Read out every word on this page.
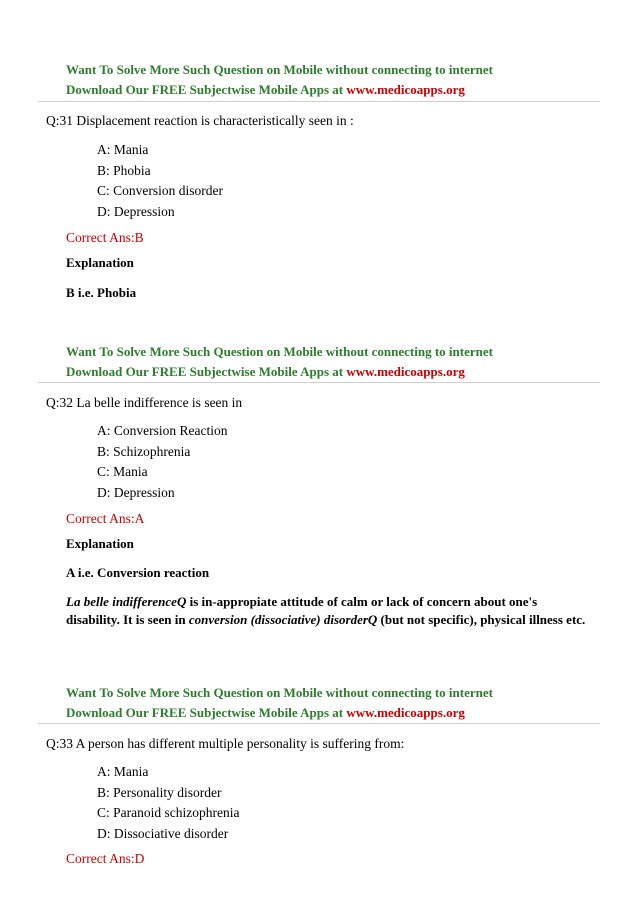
Want To Solve More Such Question on Mobile without connecting to internet
Download Our FREE Subjectwise Mobile Apps at www.medicoapps.org
Q:31 Displacement reaction is characteristically seen in :
A: Mania
B: Phobia
C: Conversion disorder
D: Depression
Correct Ans:B
Explanation
B i.e. Phobia
Want To Solve More Such Question on Mobile without connecting to internet
Download Our FREE Subjectwise Mobile Apps at www.medicoapps.org
Q:32 La belle indifference is seen in
A: Conversion Reaction
B: Schizophrenia
C: Mania
D: Depression
Correct Ans:A
Explanation
A i.e. Conversion reaction
La belle indifferenceQ is in-appropiate attitude of calm or lack of concern about one's disability. It is seen in conversion (dissociative) disorderQ (but not specific), physical illness etc.
Want To Solve More Such Question on Mobile without connecting to internet
Download Our FREE Subjectwise Mobile Apps at www.medicoapps.org
Q:33 A person has different multiple personality is suffering from:
A: Mania
B: Personality disorder
C: Paranoid schizophrenia
D: Dissociative disorder
Correct Ans:D
